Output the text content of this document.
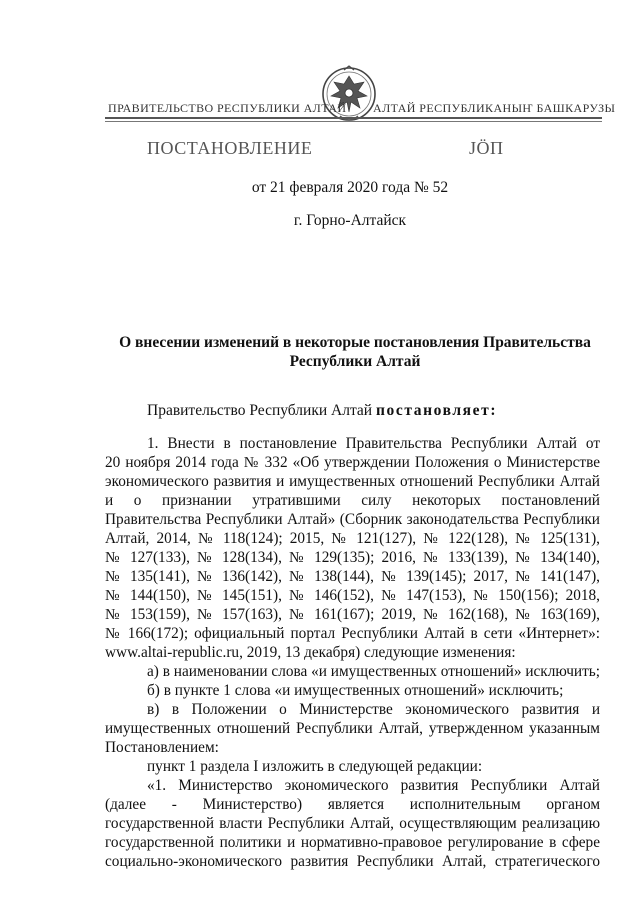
ПРАВИТЕЛЬСТВО РЕСПУБЛИКИ АЛТАЙ АЛТАЙ РЕСПУБЛИКАНЫҤ БАШКАРУЗЫ
ПОСТАНОВЛЕНИЕ	JӦП
от 21 февраля 2020 года № 52
г. Горно-Алтайск
О внесении изменений в некоторые постановления Правительства
Республики Алтай
Правительство Республики Алтай постановляет:
1. Внести в постановление Правительства Республики Алтай от
20 ноября 2014 года № 332 «Об утверждении Положения о Министерстве
экономического развития и имущественных отношений Республики Алтай
и о признании утратившими силу некоторых постановлений
Правительства Республики Алтай» (Сборник законодательства Республики
Алтай, 2014, № 118(124); 2015, № 121(127), № 122(128), № 125(131),
№ 127(133), № 128(134), № 129(135); 2016, № 133(139), № 134(140),
№ 135(141), № 136(142), № 138(144), № 139(145); 2017, № 141(147),
№ 144(150), № 145(151), № 146(152), № 147(153), № 150(156); 2018,
№ 153(159), № 157(163), № 161(167); 2019, № 162(168), № 163(169),
№ 166(172); официальный портал Республики Алтай в сети «Интернет»:
www.altai-republic.ru, 2019, 13 декабря) следующие изменения:
а) в наименовании слова «и имущественных отношений» исключить;
б) в пункте 1 слова «и имущественных отношений» исключить;
в) в Положении о Министерстве экономического развития и
имущественных отношений Республики Алтай, утвержденном указанным
Постановлением:
пункт 1 раздела I изложить в следующей редакции:
«1. Министерство экономического развития Республики Алтай
(далее - Министерство) является исполнительным органом
государственной власти Республики Алтай, осуществляющим реализацию
государственной политики и нормативно-правовое регулирование в сфере
социально-экономического развития Республики Алтай, стратегического
